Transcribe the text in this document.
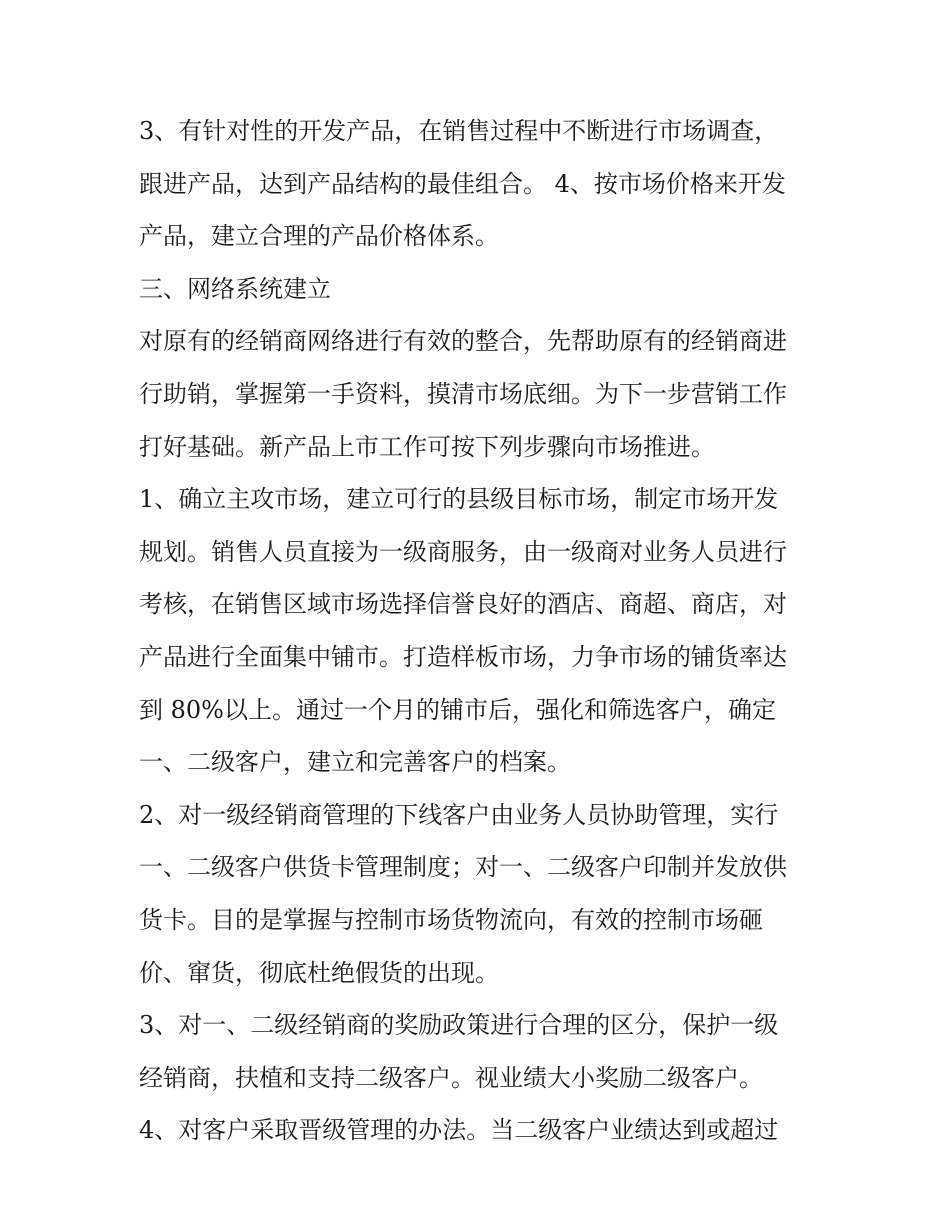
3、有针对性的开发产品，在销售过程中不断进行市场调查，
跟进产品，达到产品结构的最佳组合。 4、按市场价格来开发
产品，建立合理的产品价格体系。
三、网络系统建立
对原有的经销商网络进行有效的整合，先帮助原有的经销商进
行助销，掌握第一手资料，摸清市场底细。为下一步营销工作
打好基础。新产品上市工作可按下列步骤向市场推进。
1、确立主攻市场，建立可行的县级目标市场，制定市场开发
规划。销售人员直接为一级商服务，由一级商对业务人员进行
考核，在销售区域市场选择信誉良好的酒店、商超、商店，对
产品进行全面集中铺市。打造样板市场，力争市场的铺货率达
到 80%以上。通过一个月的铺市后，强化和筛选客户，确定
一、二级客户，建立和完善客户的档案。
2、对一级经销商管理的下线客户由业务人员协助管理，实行
一、二级客户供货卡管理制度；对一、二级客户印制并发放供
货卡。目的是掌握与控制市场货物流向，有效的控制市场砸
价、窜货，彻底杜绝假货的出现。
3、对一、二级经销商的奖励政策进行合理的区分，保护一级
经销商，扶植和支持二级客户。视业绩大小奖励二级客户。
4、对客户采取晋级管理的办法。当二级客户业绩达到或超过
